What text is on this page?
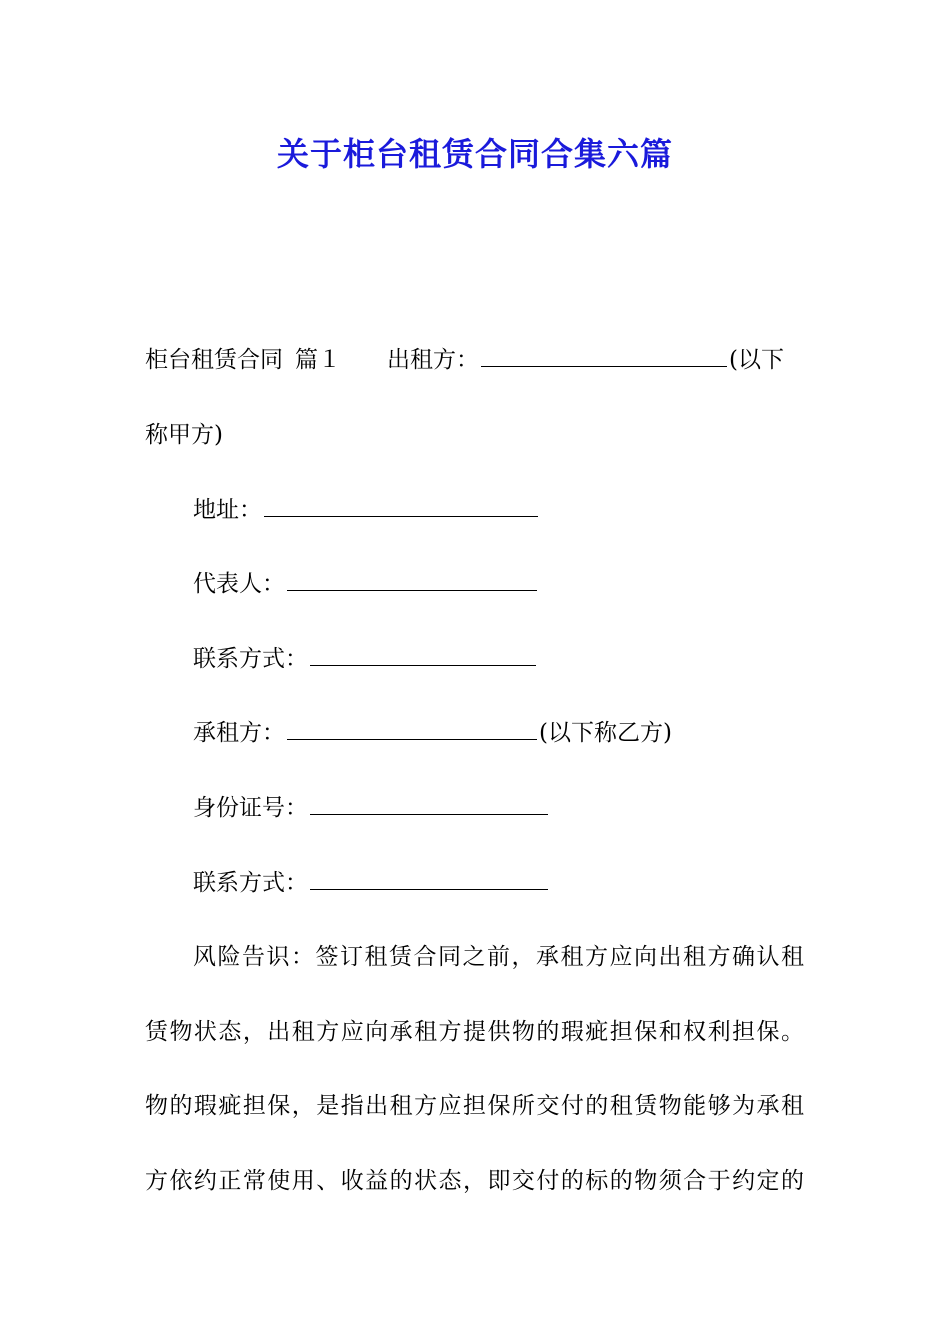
关于柜台租赁合同合集六篇
柜台租赁合同 篇１ 出租方：	(以下
称甲方)
地址：
代表人：
联系方式：
承租方：	(以下称乙方)
身份证号：
联系方式：
风险告识：签订租赁合同之前，承租方应向出租方确认租
赁物状态，出租方应向承租方提供物的瑕疵担保和权利担保。
物的瑕疵担保，是指出租方应担保所交付的租赁物能够为承租
方依约正常使用、收益的状态，即交付的标的物须合于约定的
